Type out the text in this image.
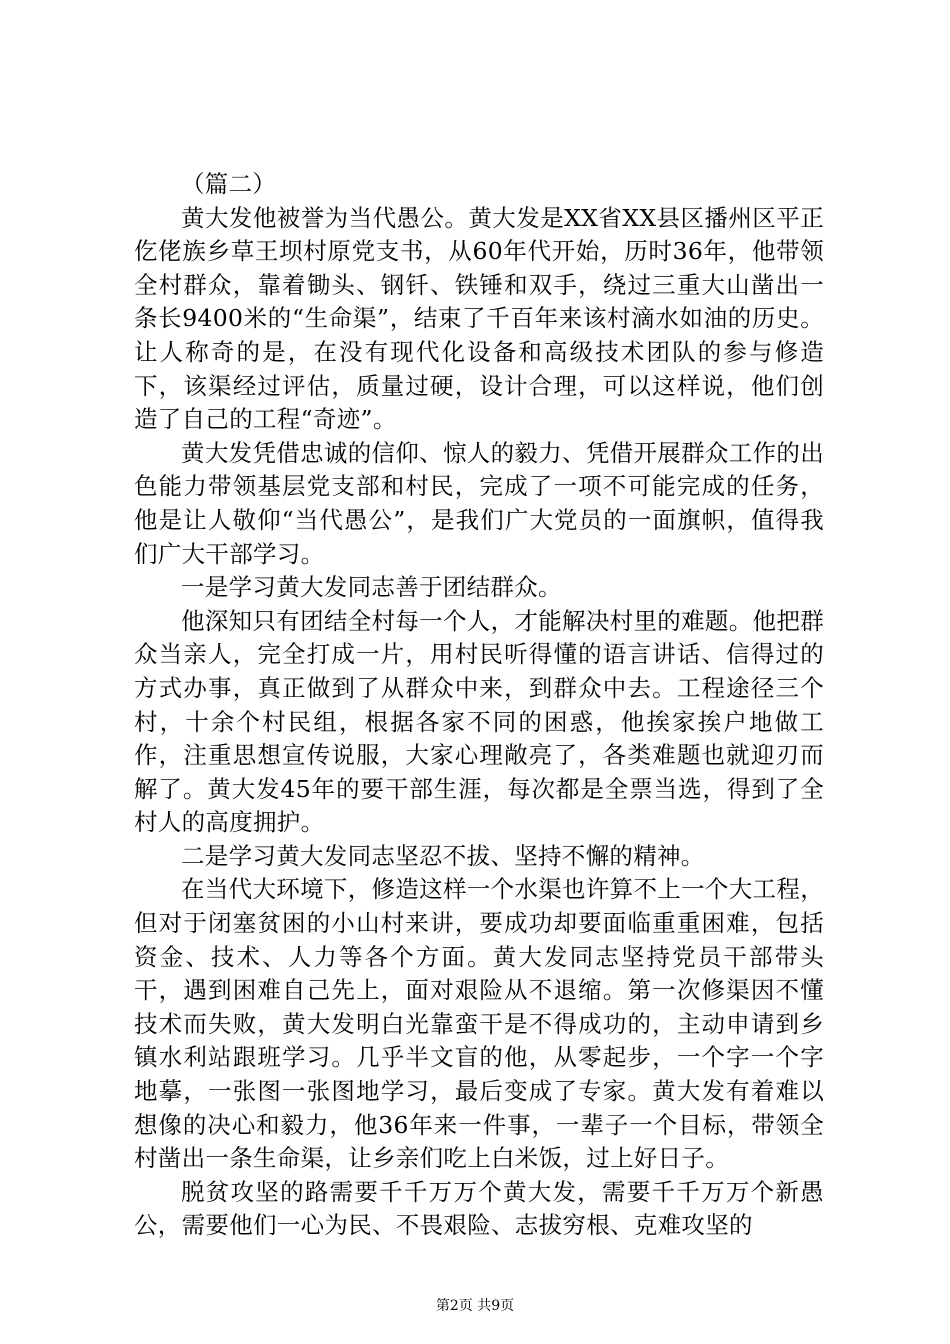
（篇二）

黄大发他被誉为当代愚公。黄大发是XX省XX县区播州区平正仡佬族乡草王坝村原党支书，从60年代开始，历时36年，他带领全村群众，靠着锄头、钢钎、铁锤和双手，绕过三重大山凿出一条长9400米的“生命渠”，结束了千百年来该村滴水如油的历史。让人称奇的是，在没有现代化设备和高级技术团队的参与修造下，该渠经过评估，质量过硬，设计合理，可以这样说，他们创造了自己的工程“奇迹”。

黄大发凭借忠诚的信仰、惊人的毅力、凭借开展群众工作的出色能力带领基层党支部和村民，完成了一项不可能完成的任务，他是让人敬仰“当代愚公”，是我们广大党员的一面旗帜，值得我们广大干部学习。

一是学习黄大发同志善于团结群众。

他深知只有团结全村每一个人，才能解决村里的难题。他把群众当亲人，完全打成一片，用村民听得懂的语言讲话、信得过的方式办事，真正做到了从群众中来，到群众中去。工程途径三个村，十余个村民组，根据各家不同的困惑，他挨家挨户地做工作，注重思想宣传说服，大家心理敞亮了，各类难题也就迎刃而解了。黄大发45年的要干部生涯，每次都是全票当选，得到了全村人的高度拥护。

二是学习黄大发同志坚忍不拔、坚持不懈的精神。

在当代大环境下，修造这样一个水渠也许算不上一个大工程，但对于闭塞贫困的小山村来讲，要成功却要面临重重困难，包括资金、技术、人力等各个方面。黄大发同志坚持党员干部带头干，遇到困难自己先上，面对艰险从不退缩。第一次修渠因不懂技术而失败，黄大发明白光靠蛮干是不得成功的，主动申请到乡镇水利站跟班学习。几乎半文盲的他，从零起步，一个字一个字地摹，一张图一张图地学习，最后变成了专家。黄大发有着难以想像的决心和毅力，他36年来一件事，一辈子一个目标，带领全村凿出一条生命渠，让乡亲们吃上白米饭，过上好日子。

脱贫攻坚的路需要千千万万个黄大发，需要千千万万个新愚公，需要他们一心为民、不畏艰险、志拔穷根、克难攻坚的

第2页 共9页
